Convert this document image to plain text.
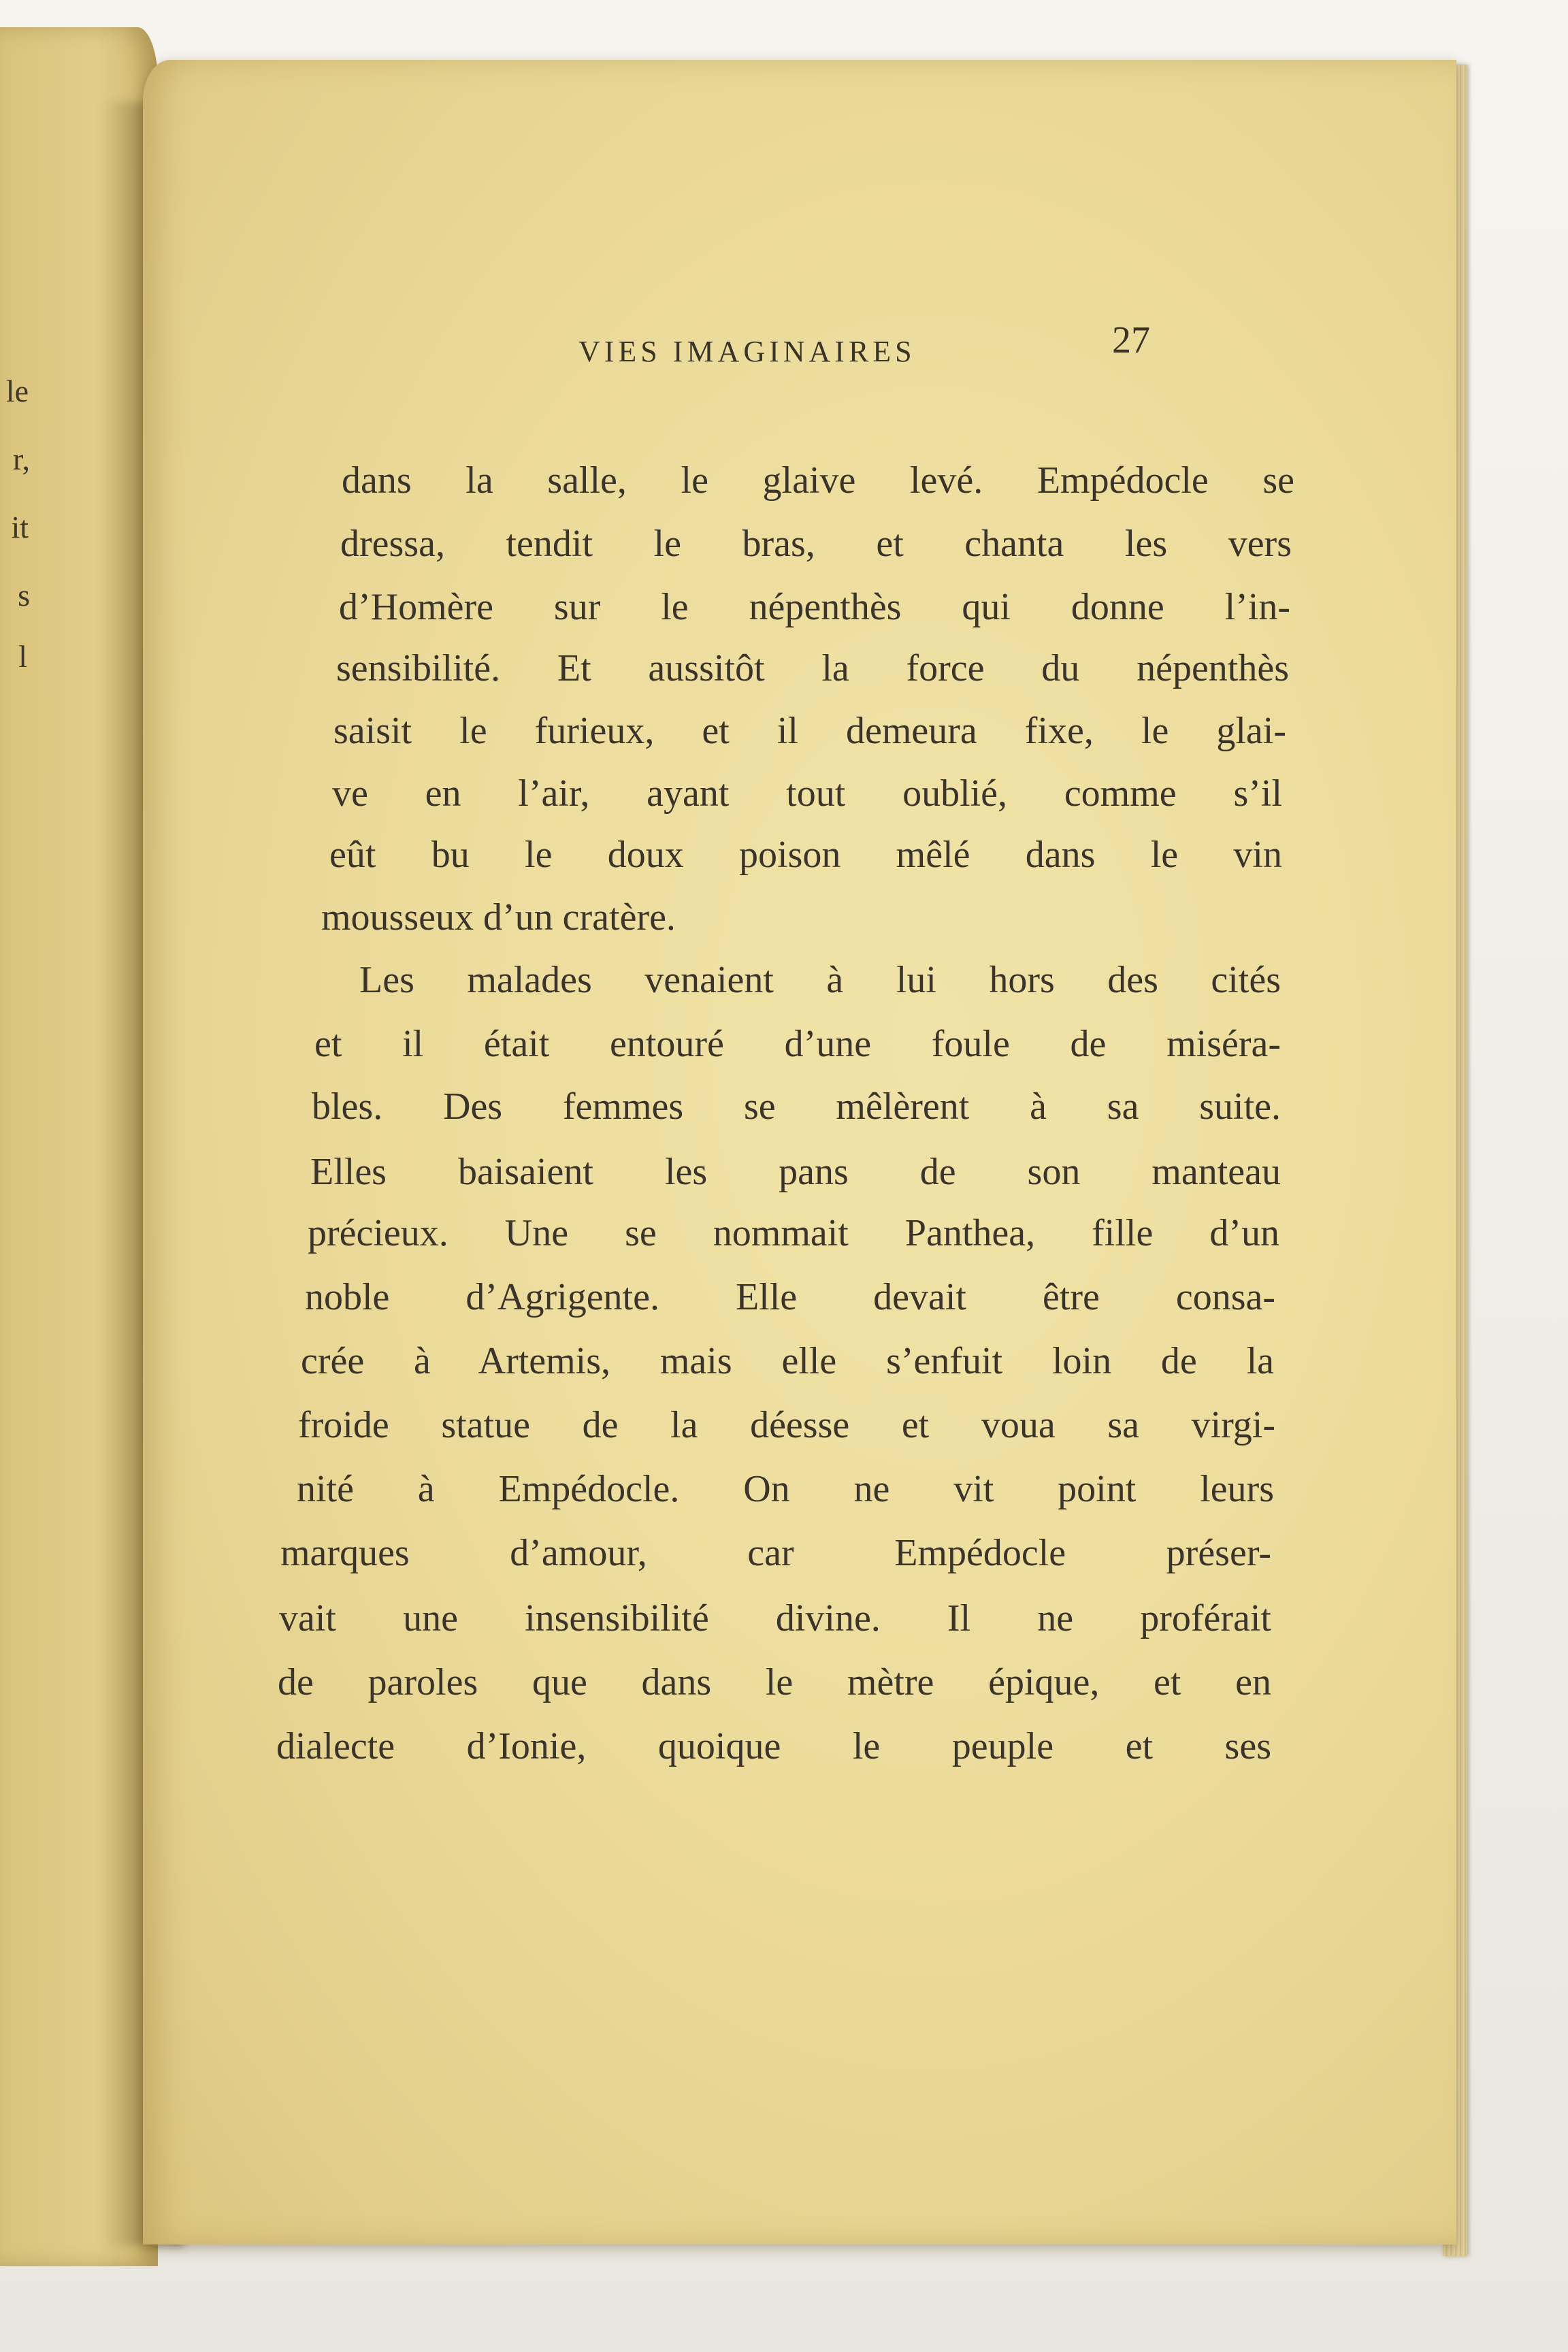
le
r,
it
s
l
VIES IMAGINAIRES	27
dans la salle, le glaive levé. Empédocle se
dressa, tendit le bras, et chanta les vers
d’Homère sur le népenthès qui donne l’in-
sensibilité. Et aussitôt la force du népenthès
saisit le furieux, et il demeura fixe, le glai-
ve en l’air, ayant tout oublié, comme s’il
eût bu le doux poison mêlé dans le vin
mousseux d’un cratère.
Les malades venaient à lui hors des cités
et il était entouré d’une foule de miséra-
bles. Des femmes se mêlèrent à sa suite.
Elles baisaient les pans de son manteau
précieux. Une se nommait Panthea, fille d’un
noble d’Agrigente. Elle devait être consa-
crée à Artemis, mais elle s’enfuit loin de la
froide statue de la déesse et voua sa virgi-
nité à Empédocle. On ne vit point leurs
marques d’amour, car Empédocle préser-
vait une insensibilité divine. Il ne proférait
de paroles que dans le mètre épique, et en
dialecte d’Ionie, quoique le peuple et ses
